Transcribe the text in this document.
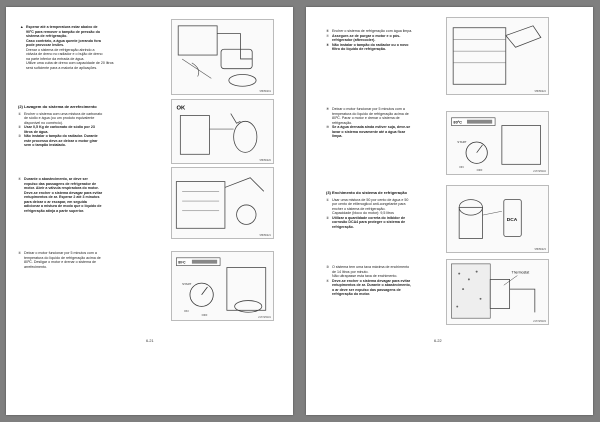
▲ Esperar até a temperatura estar abaixo de
90ºC para remover o tampão de pressão do
sistema de refrigeração.
Caso contrário, a água quente jorrando fora
pode provocar lesões.
Drenar o sistema de refrigeração abrindo a
válvula de dreno no radiador e o bujão de dreno
na parte inferior da entrada de água.
Utilize uma cuba de dreno com capacidade de 20 litros
será suficiente para a maioria de aplicações.
SMDM0019
(2) Lavagem do sistema de arrefecimento
① Encher o sistema com uma mistura de carbonato
de sódio e água (ou um produto equivalente
disponível no comércio).
② Usar 0,5 Kg de carbonato de sódio por 23
litros de água.
③ Não instalar o tampão do radiador. Durante
este processo deve-se deixar o motor girar
sem o tampão instalado.
OK
SMDM0020
④ Durante o abastecimento, ar deve ser
expulso das passagens de refrigerador de
motor. Abrir a válvula respiradora do motor.
Deve-se encher o sistema devagar para evitar
entupimentos de ar. Esperar 2 até 3 minutos
para deixar o ar escapar, em seguida
adicionar a mistura de modo que o líquido de
refrigeração atinja a parte superior.
SMDM0021
⑤ Deixar o motor funcionar por 5 minutos com a
temperatura do líquido de refrigeração acima de
80ºC. Desligar o motor e drenar o sistema de
arrefecimento.
80ºC
START
ON
OFF
21ST85001
6-21
SMDM0022
⑥ Encher o sistema de refrigeração com água limpa.
⑦ Assegure-se de purgar o motor e o pós-
refrigerador (aftercooler).
⑧ Não instalar o tampão do radiador ou o novo
filtro do líquido de refrigeração.
⑨ Deixar o motor funcionar por 5 minutos com a
temperatura do líquido de refrigeração acima de
80ºC. Parar o motor e drenar o sistema de
refrigeração.
⑩ Se a água drenada ainda estiver suja, deve-se
lavar o sistema novamente até a água ficar
limpa.
80ºC
START
ON
OFF	21ST85002
(3) Enchimento do sistema de refrigeração
① Usar uma mistura de 50 por cento de água e 50
por cento de etilenoglicol anti-congelante para
encher o sistema de refrigeração.
Capacidade (bloco do motor): 9,5 litros
② Utilizar a quantidade correta do inibidor de
corrosão DCA4 para proteger o sistema de
refrigeração.
DCA
SMDM0023
③ O sistema tem uma taxa máxima de enchimento
de 14 litros por minuto.
Não ultrapasse esta taxa de enchimento.
④ Deve-se encher o sistema devagar para evitar
entupimentos de ar. Durante o abastecimento,
o ar deve ser expulso das passagens de
refrigeração do motor.
Thermostat
21ST85003
6-22
